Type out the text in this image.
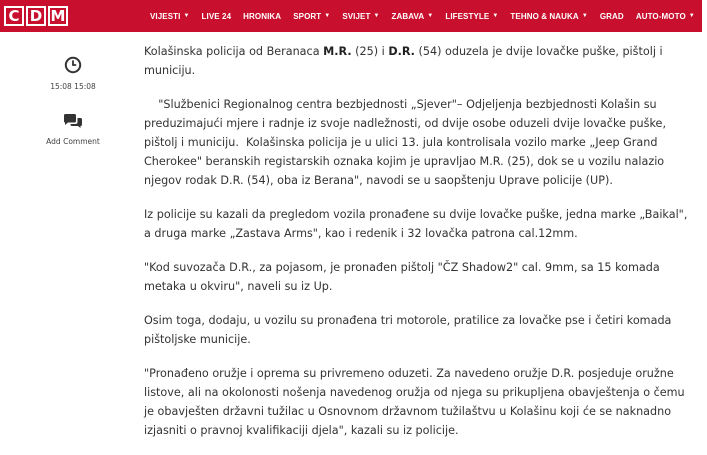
C D M	VIJESTI ▼ LIVE 24 HRONIKA SPORT ▼ SVIJET ▼ ZABAVA ▼ LIFESTYLE ▼ TEHNO & NAUKA ▼ GRAD AUTO-MOTO ▼
15:08 15:08
Add Comment

Kolašinska policija od Beranaca M.R. (25) i D.R. (54) oduzela je dvije lovačke puške, pištolj i municiju.

"Službenici Regionalnog centra bezbjednosti „Sjever"– Odjeljenja bezbjednosti Kolašin su preduzimajući mjere i radnje iz svoje nadležnosti, od dvije osobe oduzeli dvije lovačke puške, pištolj i municiju.  Kolašinska policija je u ulici 13. jula kontrolisala vozilo marke „Jeep Grand Cherokee" beranskih registarskih oznaka kojim je upravljao M.R. (25), dok se u vozilu nalazio njegov rodak D.R. (54), oba iz Berana", navodi se u saopštenju Uprave policije (UP).

Iz policije su kazali da pregledom vozila pronađene su dvije lovačke puške, jedna marke „Baikal", a druga marke „Zastava Arms", kao i redenik i 32 lovačka patrona cal.12mm.

"Kod suvozača D.R., za pojasom, je pronađen pištolj "ČZ Shadow2" cal. 9mm, sa 15 komada metaka u okviru", naveli su iz Up.

Osim toga, dodaju, u vozilu su pronađena tri motorole, pratilice za lovačke pse i četiri komada pištoljske municije.

"Pronađeno oružje i oprema su privremeno oduzeti. Za navedeno oružje D.R. posjeduje oružne listove, ali na okolonosti nošenja navedenog oružja od njega su prikupljena obavještenja o čemu je obavješten državni tužilac u Osnovnom državnom tužilaštvu u Kolašinu koji će se naknadno izjasniti o pravnoj kvalifikaciji djela", kazali su iz policije.
